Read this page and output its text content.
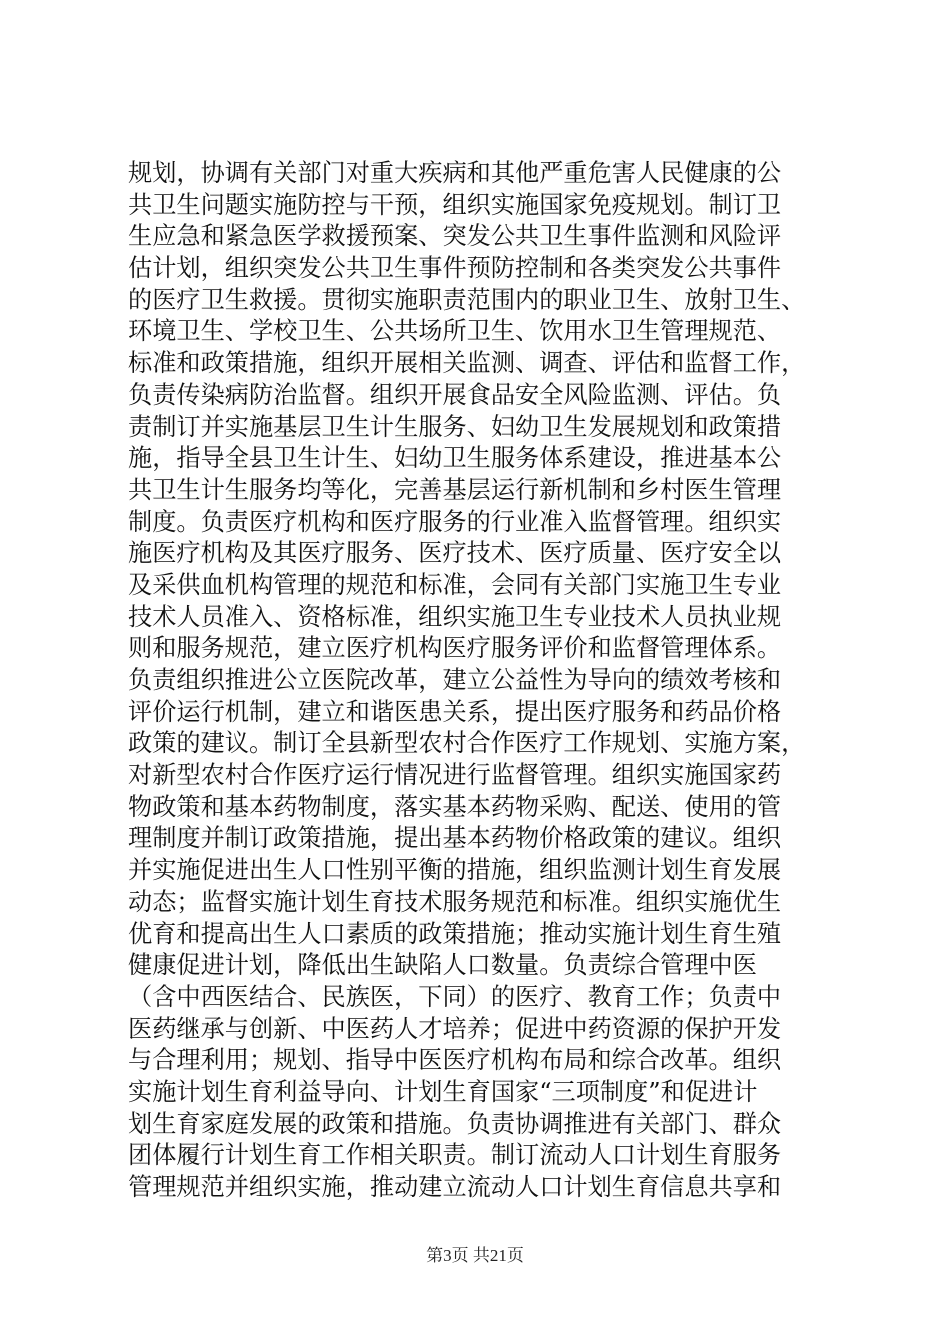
规划，协调有关部门对重大疾病和其他严重危害人民健康的公
共卫生问题实施防控与干预，组织实施国家免疫规划。制订卫
生应急和紧急医学救援预案、突发公共卫生事件监测和风险评
估计划，组织突发公共卫生事件预防控制和各类突发公共事件
的医疗卫生救援。贯彻实施职责范围内的职业卫生、放射卫生、
环境卫生、学校卫生、公共场所卫生、饮用水卫生管理规范、
标准和政策措施，组织开展相关监测、调查、评估和监督工作，
负责传染病防治监督。组织开展食品安全风险监测、评估。负
责制订并实施基层卫生计生服务、妇幼卫生发展规划和政策措
施，指导全县卫生计生、妇幼卫生服务体系建设，推进基本公
共卫生计生服务均等化，完善基层运行新机制和乡村医生管理
制度。负责医疗机构和医疗服务的行业准入监督管理。组织实
施医疗机构及其医疗服务、医疗技术、医疗质量、医疗安全以
及采供血机构管理的规范和标准，会同有关部门实施卫生专业
技术人员准入、资格标准，组织实施卫生专业技术人员执业规
则和服务规范，建立医疗机构医疗服务评价和监督管理体系。
负责组织推进公立医院改革，建立公益性为导向的绩效考核和
评价运行机制，建立和谐医患关系，提出医疗服务和药品价格
政策的建议。制订全县新型农村合作医疗工作规划、实施方案，
对新型农村合作医疗运行情况进行监督管理。组织实施国家药
物政策和基本药物制度，落实基本药物采购、配送、使用的管
理制度并制订政策措施，提出基本药物价格政策的建议。组织
并实施促进出生人口性别平衡的措施，组织监测计划生育发展
动态；监督实施计划生育技术服务规范和标准。组织实施优生
优育和提高出生人口素质的政策措施；推动实施计划生育生殖
健康促进计划，降低出生缺陷人口数量。负责综合管理中医
（含中西医结合、民族医，下同）的医疗、教育工作；负责中
医药继承与创新、中医药人才培养；促进中药资源的保护开发
与合理利用；规划、指导中医医疗机构布局和综合改革。组织
实施计划生育利益导向、计划生育国家“三项制度”和促进计
划生育家庭发展的政策和措施。负责协调推进有关部门、群众
团体履行计划生育工作相关职责。制订流动人口计划生育服务
管理规范并组织实施，推动建立流动人口计划生育信息共享和
第3页 共21页
